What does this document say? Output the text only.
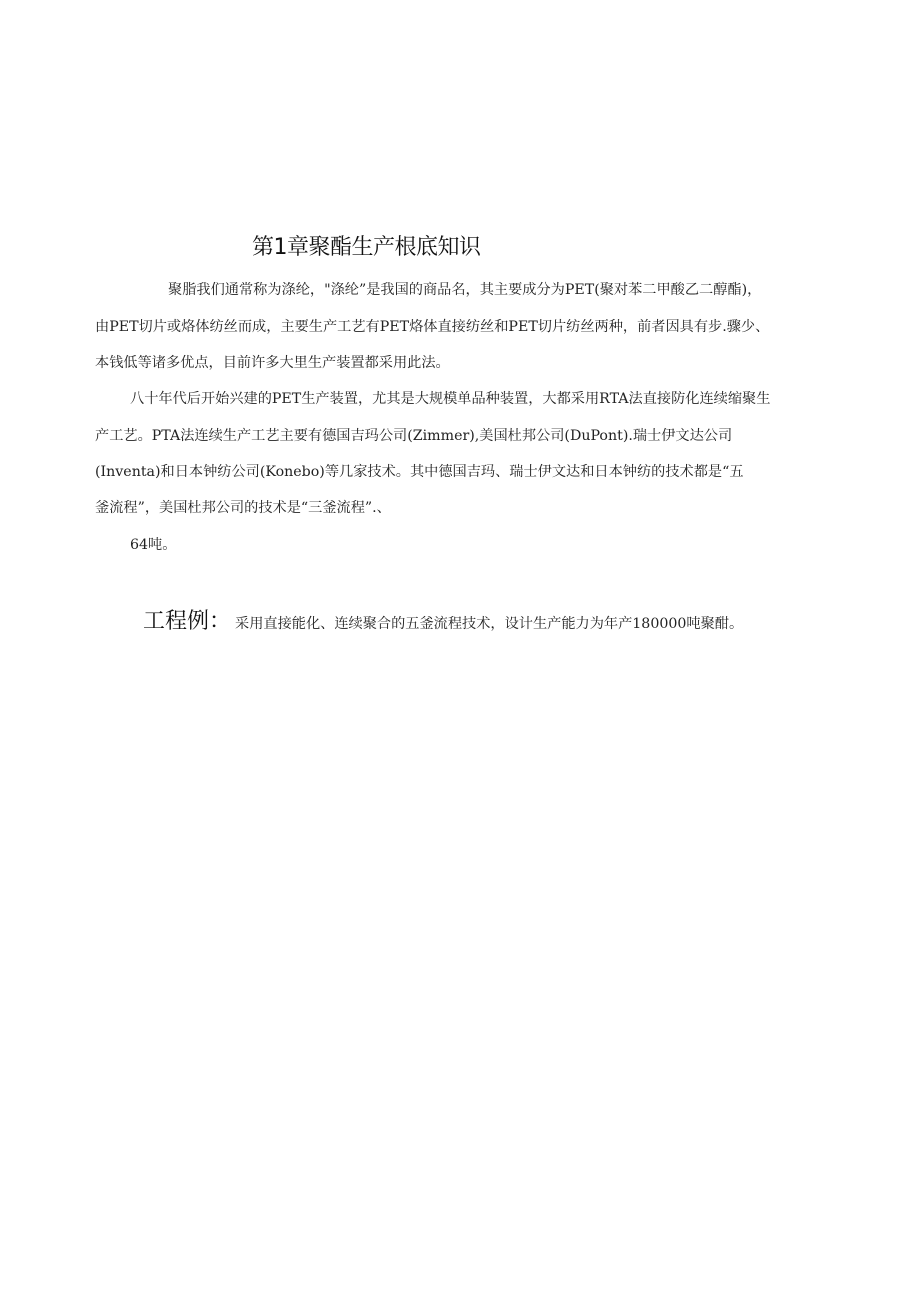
第1章聚酯生产根底知识
聚脂我们通常称为涤纶，"涤纶”是我国的商品名，其主要成分为PET(聚对苯二甲酸乙二醇酯)，
由PET切片或烙体纺丝而成，主要生产工艺有PET烙体直接纺丝和PET切片纺丝两种，前者因具有步.骤少、
本钱低等诸多优点，目前许多大里生产装置都采用此法。
八十年代后开始兴建的PET生产装置，尤其是大规模单品种装置，大都采用RTA法直接防化连续缩聚生
产工艺。PTA法连续生产工艺主要有德国吉玛公司(Zimmer),美国杜邦公司(DuPont).瑞士伊文达公司
(Inventa)和日本钟纺公司(Konebo)等几家技术。其中德国吉玛、瑞士伊文达和日本钟纺的技术都是“五
釜流程”，美国杜邦公司的技术是“三釜流程”.、
64吨。
工程例： 采用直接能化、连续聚合的五釜流程技术，设计生产能力为年产180000吨聚酣。
